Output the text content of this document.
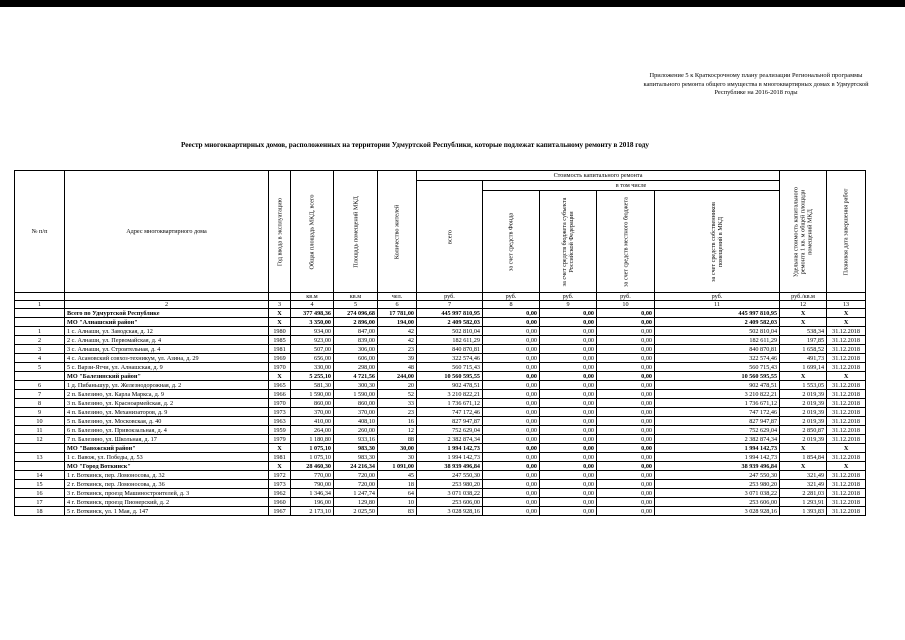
Приложение 5 к Краткосрочному плану реализации Региональной программы капитального ремонта общего имущества в многоквартирных домах в Удмуртской Республике на 2016-2018 годы
Реестр многоквартирных домов, расположенных на территории Удмуртской Республики, которые подлежат капитальному ремонту в 2018 году
№ п/п	Адрес многоквартирного дома	Год ввода в эксплуатацию	Общая площадь МКД, всего	Площадь помещений МКД	Количество жителей	Стоимость капитального ремонта					Удельная стоимость капитального ремонта 1 кв. м общей площади помещений МКД	Плановая дата завершения работ

						всего	в том числе					

							за счет средств Фонда	за счет средств бюджета субъекта Российской Федерации	за счет средств местного бюджета	за счет средств собственников помещений в МКД		

			кв.м	кв.м	чел.	руб.	руб.	руб.	руб.	руб.	руб./кв.м	
1	2	3	4	5	6	7	8	9	10	11	12	13
	Всего по Удмуртской Республике	X	377 498,36	274 096,68	17 781,00	445 997 810,95	0,00	0,00	0,00	445 997 810,95	X	X
	МО "Алнашский район"	X	3 350,00	2 896,00	194,00	2 409 582,03	0,00	0,00	0,00	2 409 582,03	X	X
1	1 с. Алнаши, ул. Заводская, д. 12	1980	934,00	847,00	42	502 810,04	0,00	0,00	0,00	502 810,04	538,34	31.12.2018
2	2 с. Алнаши, ул. Первомайская, д. 4	1985	923,00	839,00	42	182 611,29	0,00	0,00	0,00	182 611,29	197,85	31.12.2018
3	3 с. Алнаши, ул. Строительная, д. 4	1981	507,00	306,00	23	840 870,81	0,00	0,00	0,00	840 870,81	1 658,52	31.12.2018
4	4 с. Асановский совхоз-техникум, ул. Азина, д. 29	1969	656,00	606,00	39	322 574,46	0,00	0,00	0,00	322 574,46	491,73	31.12.2018
5	5 с. Варзи-Ятчи, ул. Алнашская, д. 9	1970	330,00	298,00	48	560 715,43	0,00	0,00	0,00	560 715,43	1 699,14	31.12.2018
	МО "Балезинский район"	X	5 255,10	4 721,56	244,00	10 560 595,55	0,00	0,00	0,00	10 560 595,55	X	X
6	1 д. Пибаньшур, ул. Железнодорожная, д. 2	1965	581,30	300,30	20	902 478,51	0,00	0,00	0,00	902 478,51	1 553,05	31.12.2018
7	2 п. Балезино, ул. Карла Маркса, д. 9	1966	1 590,00	1 590,00	52	3 210 822,21	0,00	0,00	0,00	3 210 822,21	2 019,39	31.12.2018
8	3 п. Балезино, ул. Красноармейская, д. 2	1970	860,00	860,00	33	1 736 671,12	0,00	0,00	0,00	1 736 671,12	2 019,39	31.12.2018
9	4 п. Балезино, ул. Механизаторов, д. 9	1973	370,00	370,00	23	747 172,46	0,00	0,00	0,00	747 172,46	2 019,39	31.12.2018
10	5 п. Балезино, ул. Московская, д. 40	1963	410,00	408,10	16	827 947,87	0,00	0,00	0,00	827 947,87	2 019,39	31.12.2018
11	6 п. Балезино, ул. Привокзальная, д. 4	1959	264,00	260,00	12	752 629,04	0,00	0,00	0,00	752 629,04	2 850,87	31.12.2018
12	7 п. Балезино, ул. Школьная, д. 17	1979	1 180,80	933,16	88	2 382 874,34	0,00	0,00	0,00	2 382 874,34	2 019,39	31.12.2018
	МО "Вавожский район"	X	1 075,10	983,30	30,00	1 994 142,73	0,00	0,00	0,00	1 994 142,73	X	X
13	1 с. Вавож, ул. Победы, д. 53	1981	1 075,10	983,30	30	1 994 142,73	0,00	0,00	0,00	1 994 142,73	1 854,84	31.12.2018
	МО "Город Воткинск"	X	28 460,30	24 216,34	1 091,00	38 939 496,84	0,00	0,00	0,00	38 939 496,84	X	X
14	1 г. Воткинск, пер. Ломоносова, д. 32	1972	770,00	720,00	45	247 550,30	0,00	0,00	0,00	247 550,30	321,49	31.12.2018
15	2 г. Воткинск, пер. Ломоносова, д. 36	1973	790,00	720,00	18	253 980,20	0,00	0,00	0,00	253 980,20	321,49	31.12.2018
16	3 г. Воткинск, проезд Машиностроителей, д. 3	1962	1 346,34	1 247,74	64	3 071 038,22	0,00	0,00	0,00	3 071 038,22	2 281,03	31.12.2018
17	4 г. Воткинск, проезд Пионерский, д. 2	1960	196,00	129,80	10	253 606,00	0,00	0,00	0,00	253 606,00	1 293,91	31.12.2018
18	5 г. Воткинск, ул. 1 Мая, д. 147	1967	2 173,10	2 025,50	83	3 028 928,16	0,00	0,00	0,00	3 028 928,16	1 393,83	31.12.2018
